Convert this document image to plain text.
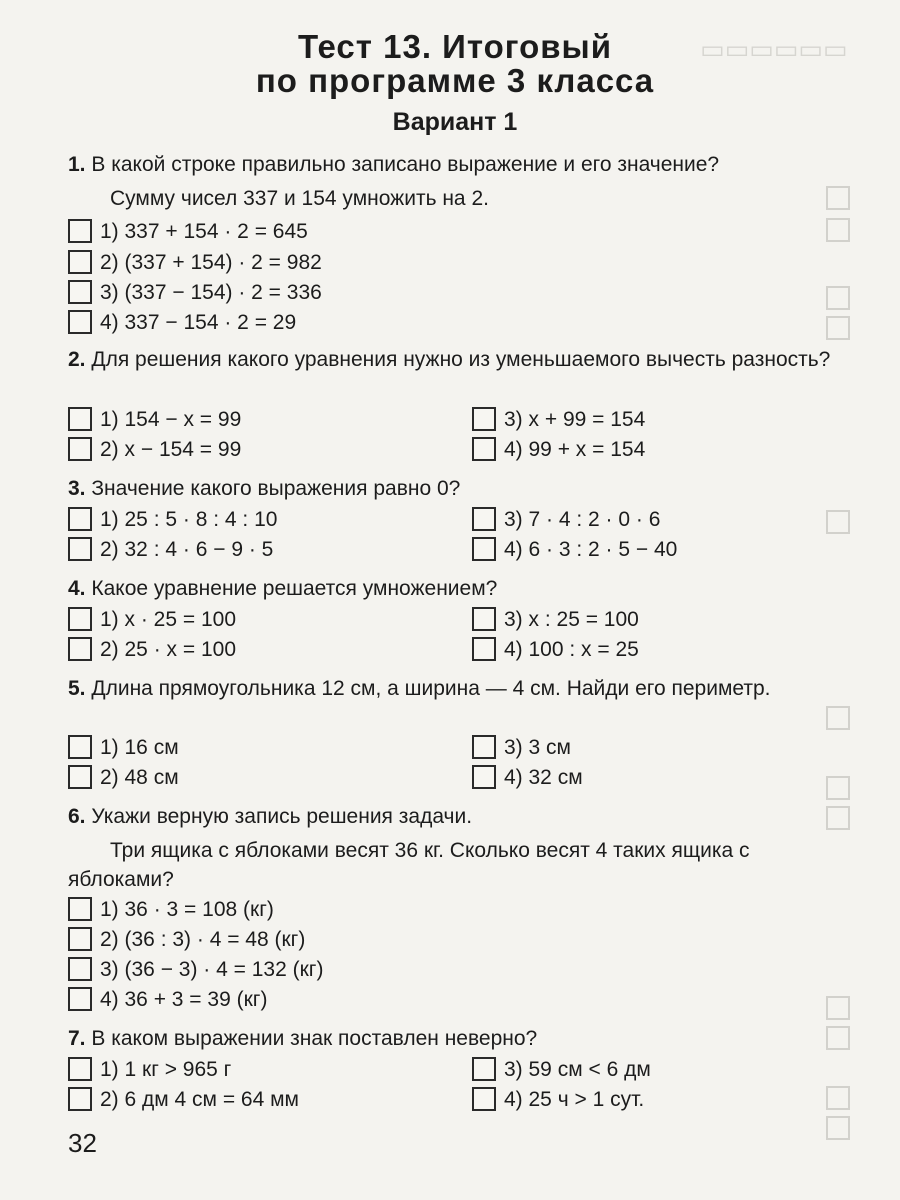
▭▭▭▭▭▭
Тест 13. Итоговый
по программе 3 класса
Вариант 1
1. В какой строке правильно записано выражение и его значение?
Сумму чисел 337 и 154 умножить на 2.
1) 337 + 154 · 2 = 645
2) (337 + 154) · 2 = 982
3) (337 − 154) · 2 = 336
4) 337 − 154 · 2 = 29
2. Для решения какого уравнения нужно из уменьшаемого вычесть разность?
1) 154 − x = 99
2) x − 154 = 99
3) x + 99 = 154
4) 99 + x = 154
3. Значение какого выражения равно 0?
1) 25 : 5 · 8 : 4 : 10
2) 32 : 4 · 6 − 9 · 5
3) 7 · 4 : 2 · 0 · 6
4) 6 · 3 : 2 · 5 − 40
4. Какое уравнение решается умножением?
1) x · 25 = 100
2) 25 · x = 100
3) x : 25 = 100
4) 100 : x = 25
5. Длина прямоугольника 12 см, а ширина — 4 см. Найди его периметр.
1) 16 см
2) 48 см
3) 3 см
4) 32 см
6. Укажи верную запись решения задачи.
Три ящика с яблоками весят 36 кг. Сколько весят 4 таких ящика с яблоками?
1) 36 · 3 = 108 (кг)
2) (36 : 3) · 4 = 48 (кг)
3) (36 − 3) · 4 = 132 (кг)
4) 36 + 3 = 39 (кг)
7. В каком выражении знак поставлен неверно?
1) 1 кг > 965 г
2) 6 дм 4 см = 64 мм
3) 59 см < 6 дм
4) 25 ч > 1 сут.
32
